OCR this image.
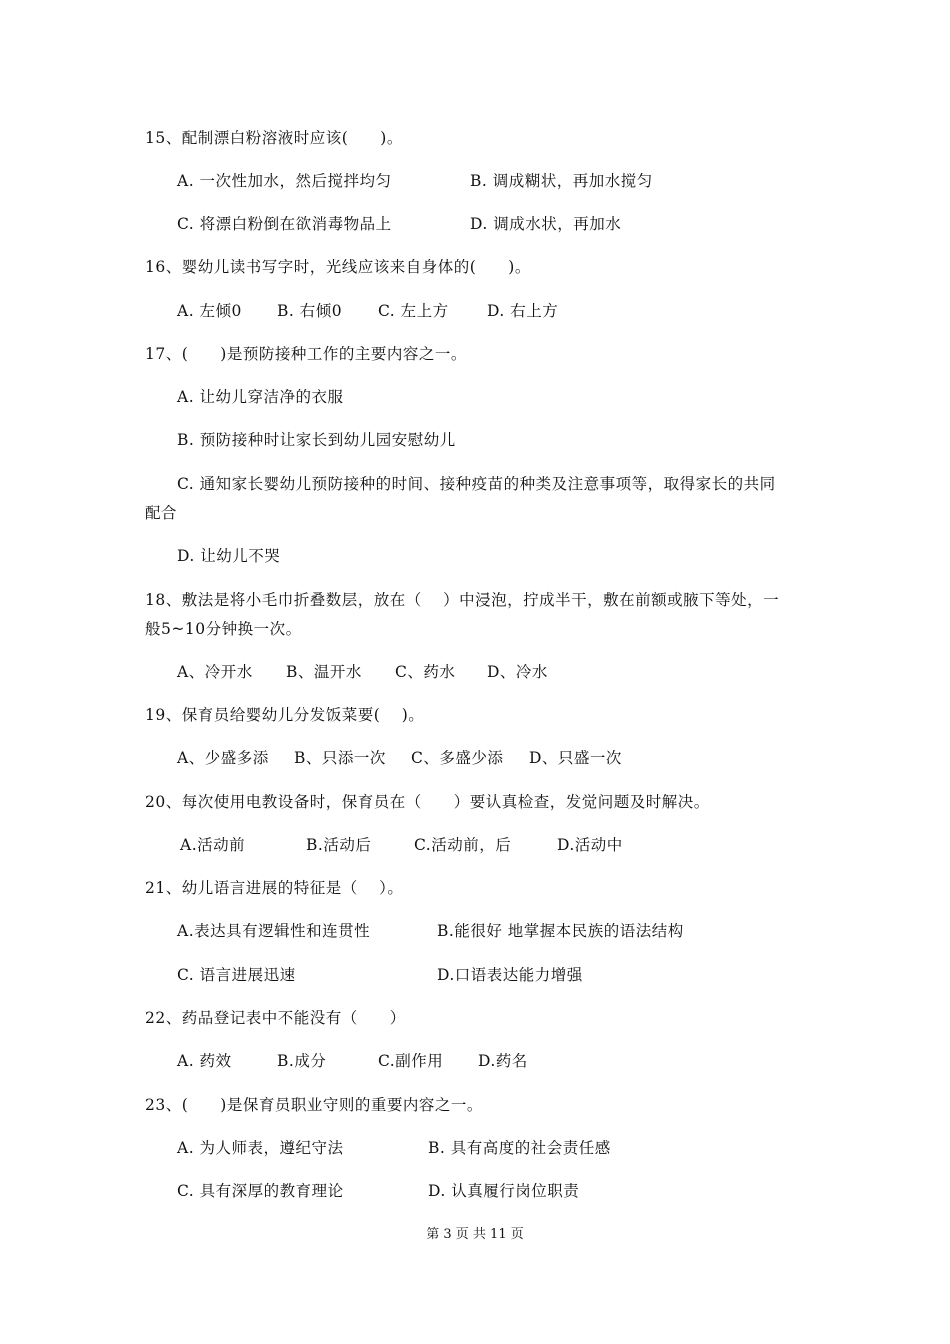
15、配制漂白粉溶液时应该(　　)。
A. 一次性加水，然后搅拌均匀	B. 调成糊状，再加水搅匀
C. 将漂白粉倒在欲消毒物品上	D. 调成水状，再加水
16、婴幼儿读书写字时，光线应该来自身体的(　　)。
A. 左倾0 B. 右倾0 C. 左上方 D. 右上方
17、(　　)是预防接种工作的主要内容之一。
A. 让幼儿穿洁净的衣服
B. 预防接种时让家长到幼儿园安慰幼儿
C. 通知家长婴幼儿预防接种的时间、接种疫苗的种类及注意事项等，取得家长的共同
配合
D. 让幼儿不哭
18、敷法是将小毛巾折叠数层，放在（　 ）中浸泡，拧成半干，敷在前额或腋下等处，一
般5~10分钟换一次。
A、冷开水 B、温开水 C、药水 D、冷水
19、保育员给婴幼儿分发饭菜要(　 )。
A、少盛多添 B、只添一次 C、多盛少添 D、只盛一次
20、每次使用电教设备时，保育员在（　　）要认真检查，发觉问题及时解决。
A.活动前	B.活动后	C.活动前，后	D.活动中
21、幼儿语言进展的特征是（　 ）。
A.表达具有逻辑性和连贯性	B.能很好 地掌握本民族的语法结构
C. 语言进展迅速	D.口语表达能力增强
22、药品登记表中不能没有（　　）
A. 药效	B.成分	C.副作用 D.药名
23、(　　)是保育员职业守则的重要内容之一。
A. 为人师表，遵纪守法	B. 具有高度的社会责任感
C. 具有深厚的教育理论	D. 认真履行岗位职责
第 3 页 共 11 页
